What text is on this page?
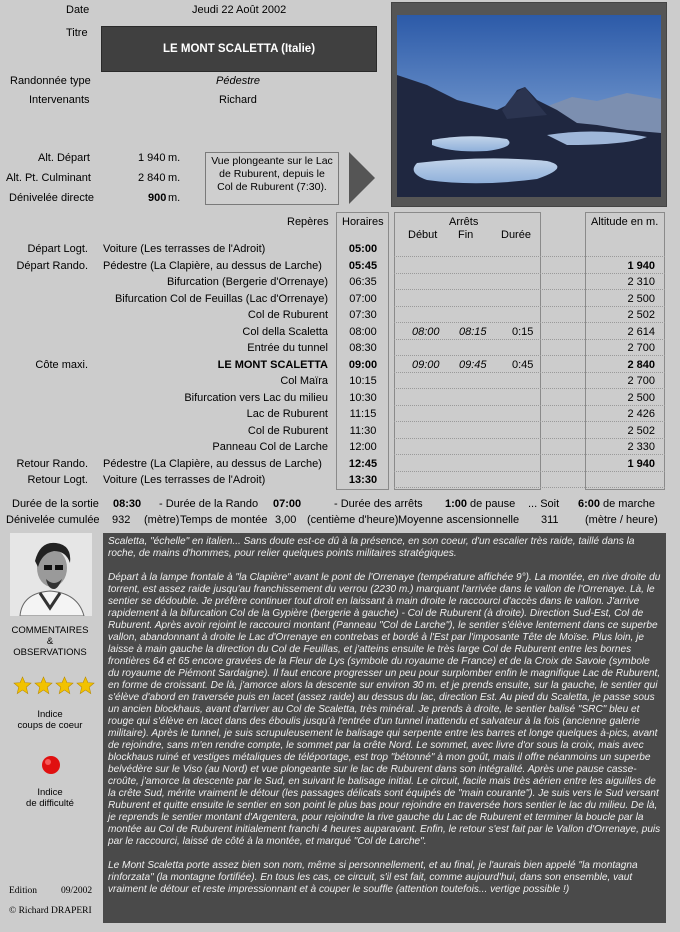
Date	Jeudi 22 Août 2002
Titre
LE MONT SCALETTA (Italie)
Randonnée type	Pédestre
Intervenants	Richard
Alt. Départ	1 940 m.
Alt. Pt. Culminant	2 840 m.
Dénivelée directe	900 m.
Vue plongeante sur le Lac de Ruburent, depuis le Col de Ruburent (7:30).
Repères Horaires	Arrêts
Début Fin	Durée
Altitude en m.
Départ Logt. Voiture (Les terrasses de l'Adroit)	05:00
Départ Rando. Pédestre (La Clapière, au dessus de Larche)	05:45	1 940
Bifurcation (Bergerie d'Orrenaye)	06:35	2 310
Bifurcation Col de Feuillas (Lac d'Orrenaye)	07:00	2 500
Col de Ruburent	07:30	2 502
Col della Scaletta	08:00	08:00 08:15 0:15	2 614
Entrée du tunnel	08:30	2 700
Côte maxi.	LE MONT SCALETTA	09:00	09:00 09:45 0:45	2 840
Col Maïra	10:15	2 700
Bifurcation vers Lac du milieu	10:30	2 500
Lac de Ruburent	11:15	2 426
Col de Ruburent	11:30	2 502
Panneau Col de Larche	12:00	2 330
Retour Rando. Pédestre (La Clapière, au dessus de Larche)	12:45	1 940
Retour Logt. Voiture (Les terrasses de l'Adroit)	13:30
Durée de la sortie 08:30 - Durée de la Rando 07:00	- Durée des arrêts 1:00 de pause ... Soit 6:00 de marche
Dénivelée cumulée 932 (mètre) Temps de montée 3,00 (centième d'heure) Moyenne ascensionnelle 311 (mètre / heure)
COMMENTAIRES
&
OBSERVATIONS
Indice
coups de coeur
Indice
de difficulté
Edition	09/2002
© Richard DRAPERI

Scaletta, "échelle" en italien... Sans doute est-ce dû à la présence, en son coeur, d'un escalier très raide, taillé dans la roche, de mains d'hommes, pour relier quelques points militaires stratégiques.

Départ à la lampe frontale à "la Clapière" avant le pont de l'Orrenaye (température affichée 9°). La montée, en rive droite du torrent, est assez raide jusqu'au franchissement du verrou (2230 m.) marquant l'arrivée dans le vallon de l'Orrenaye. Là, le sentier se dédouble. Je préfère continuer tout droit en laissant à main droite le raccourci d'accès dans le vallon. J'arrive rapidement à la bifurcation Col de la Gypière (bergerie à gauche) - Col de Ruburent (à droite). Direction Sud-Est, Col de Ruburent. Après avoir rejoint le raccourci montant (Panneau "Col de Larche"), le sentier s'élève lentement dans ce superbe vallon, abandonnant à droite le Lac d'Orrenaye en contrebas et bordé à l'Est par l'imposante Tête de Moïse. Plus loin, je laisse à main gauche la direction du Col de Feuillas, et j'atteins ensuite le très large Col de Ruburent entre les bornes frontières 64 et 65 encore gravées de la Fleur de Lys (symbole du royaume de France) et de la Croix de Savoie (symbole du royaume de Piémont Sardaigne). Il faut encore progresser un peu pour surplomber enfin le magnifique Lac de Ruburent, en forme de croissant. De là, j'amorce alors la descente sur environ 30 m. et je prends ensuite, sur la gauche, le sentier qui s'élève d'abord en traversée puis en lacet (assez raide) au dessus du lac, direction Est. Au pied du Scaletta, je passe sous un ancien blockhaus, avant d'arriver au Col de Scaletta, très minéral. Je prends à droite, le sentier balisé "SRC" bleu et rouge qui s'élève en lacet dans des éboulis jusqu'à l'entrée d'un tunnel inattendu et salvateur à la fois (ancienne galerie militaire). Après le tunnel, je suis scrupuleusement le balisage qui serpente entre les barres et longe quelques à-pics, avant de rejoindre, sans m'en rendre compte, le sommet par la crête Nord. Le sommet, avec livre d'or sous la croix, mais avec blockhaus ruiné et vestiges métaliques de téléportage, est trop "bétonné" à mon goût, mais il offre néanmoins un superbe belvédère sur le Viso (au Nord) et vue plongeante sur le lac de Ruburent dans son intégralité. Après une pause casse-croûte, j'amorce la descente par le Sud, en suivant le balisage initial. Le circuit, facile mais très aérien entre les aiguilles de la crête Sud, mérite vraiment le détour (les passages délicats sont équipés de "main courante"). Je suis vers le Sud versant Ruburent et quitte ensuite le sentier en son point le plus bas pour rejoindre en traversée hors sentier le lac du milieu. De là, je reprends le sentier montant d'Argentera, pour rejoindre la rive gauche du Lac de Ruburent et terminer la boucle par la montée au Col de Ruburent initialement franchi 4 heures auparavant. Enfin, le retour s'est fait par le Vallon d'Orrenaye, puis par le raccourci, laissé de côté à la montée, et marqué "Col de Larche".

Le Mont Scaletta porte assez bien son nom, même si personnellement, et au final, je l'aurais bien appelé "la montagna rinforzata" (la montagne fortifiée). En tous les cas, ce circuit, s'il est fait, comme aujourd'hui, dans son ensemble, vaut vraiment le détour et reste impressionnant et à couper le souffle (attention toutefois... vertige possible !)
